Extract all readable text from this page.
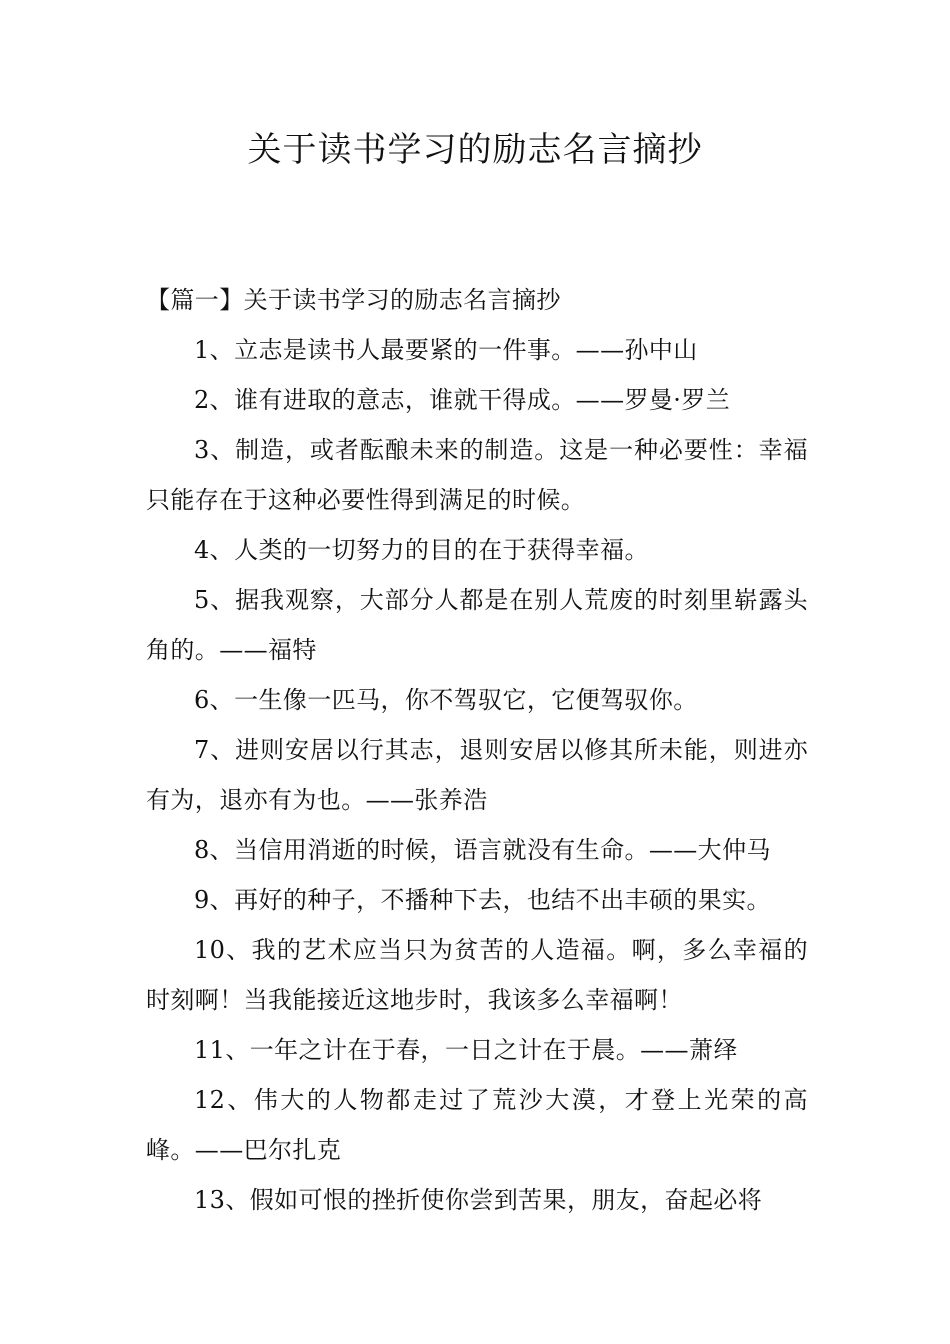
关于读书学习的励志名言摘抄

【篇一】关于读书学习的励志名言摘抄

1、立志是读书人最要紧的一件事。——孙中山

2、谁有进取的意志，谁就干得成。——罗曼·罗兰

3、制造，或者酝酿未来的制造。这是一种必要性：幸福只能存在于这种必要性得到满足的时候。

4、人类的一切努力的目的在于获得幸福。

5、据我观察，大部分人都是在别人荒废的时刻里崭露头角的。——福特

6、一生像一匹马，你不驾驭它，它便驾驭你。

7、进则安居以行其志，退则安居以修其所未能，则进亦有为，退亦有为也。——张养浩

8、当信用消逝的时候，语言就没有生命。——大仲马

9、再好的种子，不播种下去，也结不出丰硕的果实。

10、我的艺术应当只为贫苦的人造福。啊，多么幸福的时刻啊！当我能接近这地步时，我该多么幸福啊！

11、一年之计在于春，一日之计在于晨。——萧绎

12、伟大的人物都走过了荒沙大漠，才登上光荣的高峰。——巴尔扎克

13、假如可恨的挫折使你尝到苦果，朋友，奋起必将
